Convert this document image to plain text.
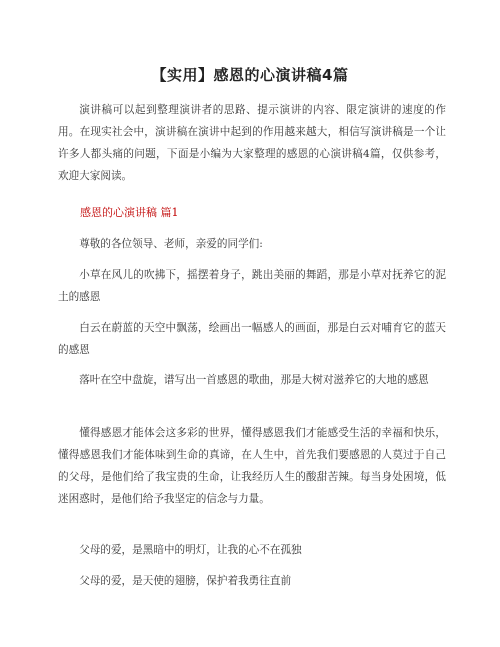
【实用】感恩的心演讲稿4篇

演讲稿可以起到整理演讲者的思路、提示演讲的内容、限定演讲的速度的作用。在现实社会中，演讲稿在演讲中起到的作用越来越大，相信写演讲稿是一个让许多人都头痛的问题，下面是小编为大家整理的感恩的心演讲稿4篇，仅供参考，欢迎大家阅读。

感恩的心演讲稿 篇1

尊敬的各位领导、老师，亲爱的同学们:

小草在风儿的吹拂下，摇摆着身子，跳出美丽的舞蹈，那是小草对抚养它的泥土的感恩

白云在蔚蓝的天空中飘荡，绘画出一幅感人的画面，那是白云对哺育它的蓝天的感恩

落叶在空中盘旋，谱写出一首感恩的歌曲，那是大树对滋养它的大地的感恩

懂得感恩才能体会这多彩的世界，懂得感恩我们才能感受生活的幸福和快乐，懂得感恩我们才能体味到生命的真谛，在人生中，首先我们要感恩的人莫过于自己的父母，是他们给了我宝贵的生命，让我经历人生的酸甜苦辣。每当身处困境，低迷困惑时，是他们给予我坚定的信念与力量。

父母的爱，是黑暗中的明灯，让我的心不在孤独

父母的爱，是天使的翅膀，保护着我勇往直前
